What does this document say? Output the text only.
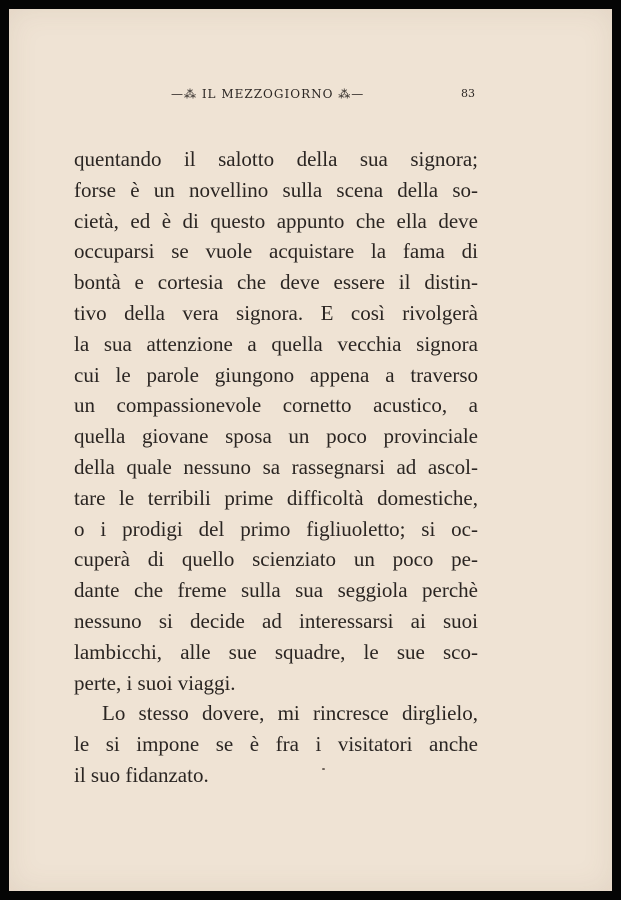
—⁂ IL MEZZOGIORNO ⁂—	83
quentando il salotto della sua signora;
forse è un novellino sulla scena della so-
cietà, ed è di questo appunto che ella deve
occuparsi se vuole acquistare la fama di
bontà e cortesia che deve essere il distin-
tivo della vera signora. E così rivolgerà
la sua attenzione a quella vecchia signora
cui le parole giungono appena a traverso
un compassionevole cornetto acustico, a
quella giovane sposa un poco provinciale
della quale nessuno sa rassegnarsi ad ascol-
tare le terribili prime difficoltà domestiche,
o i prodigi del primo figliuoletto; si oc-
cuperà di quello scienziato un poco pe-
dante che freme sulla sua seggiola perchè
nessuno si decide ad interessarsi ai suoi
lambicchi, alle sue squadre, le sue sco-
perte, i suoi viaggi.
Lo stesso dovere, mi rincresce dirglielo,
le si impone se è fra i visitatori anche
il suo fidanzato.
